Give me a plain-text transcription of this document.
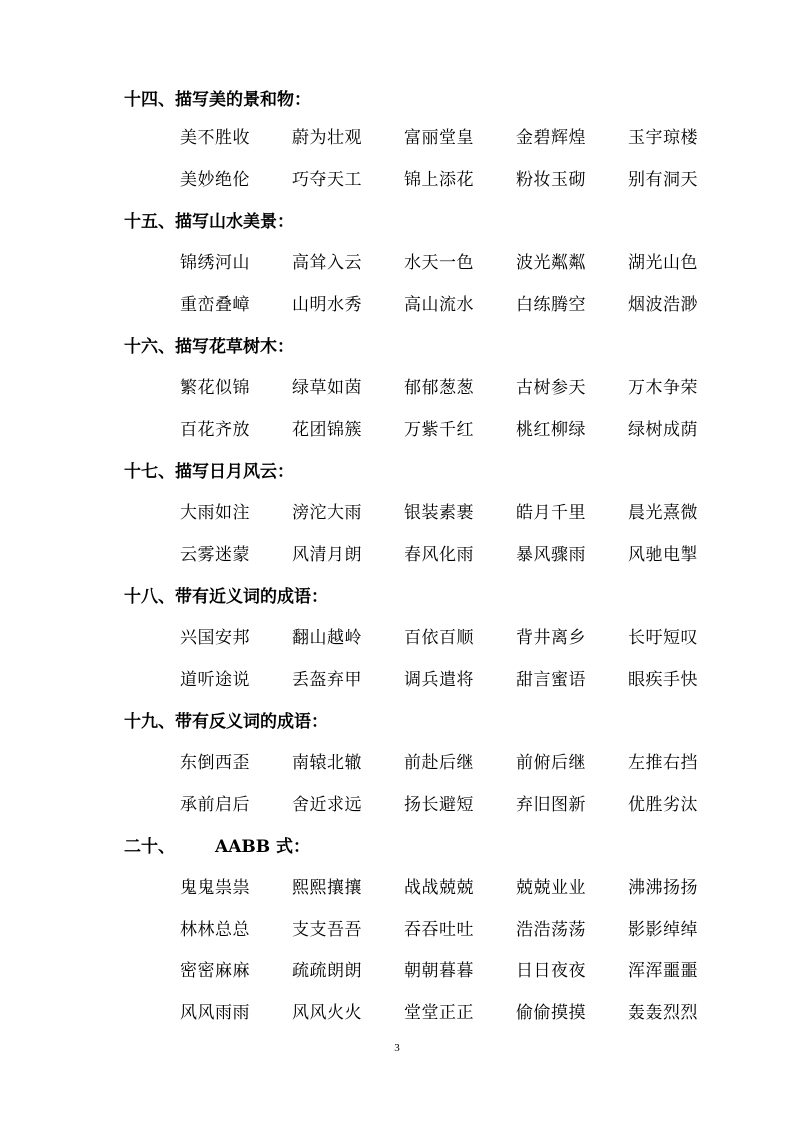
十四、描写美的景和物：
美不胜收 蔚为壮观 富丽堂皇 金碧辉煌 玉宇琼楼
美妙绝伦 巧夺天工 锦上添花 粉妆玉砌 别有洞天
十五、描写山水美景：
锦绣河山 高耸入云 水天一色 波光粼粼 湖光山色
重峦叠嶂 山明水秀 高山流水 白练腾空 烟波浩渺
十六、描写花草树木：
繁花似锦 绿草如茵 郁郁葱葱 古树参天 万木争荣
百花齐放 花团锦簇 万紫千红 桃红柳绿 绿树成荫
十七、描写日月风云：
大雨如注 滂沱大雨 银装素裹 皓月千里 晨光熹微
云雾迷蒙 风清月朗 春风化雨 暴风骤雨 风驰电掣
十八、带有近义词的成语：
兴国安邦 翻山越岭 百依百顺 背井离乡 长吁短叹
道听途说 丢盔弃甲 调兵遣将 甜言蜜语 眼疾手快
十九、带有反义词的成语：
东倒西歪 南辕北辙 前赴后继 前俯后继 左推右挡
承前启后 舍近求远 扬长避短 弃旧图新 优胜劣汰
二十、 AABB 式：
鬼鬼祟祟 熙熙攘攘 战战兢兢 兢兢业业 沸沸扬扬
林林总总 支支吾吾 吞吞吐吐 浩浩荡荡 影影绰绰
密密麻麻 疏疏朗朗 朝朝暮暮 日日夜夜 浑浑噩噩
风风雨雨 风风火火 堂堂正正 偷偷摸摸 轰轰烈烈
3
